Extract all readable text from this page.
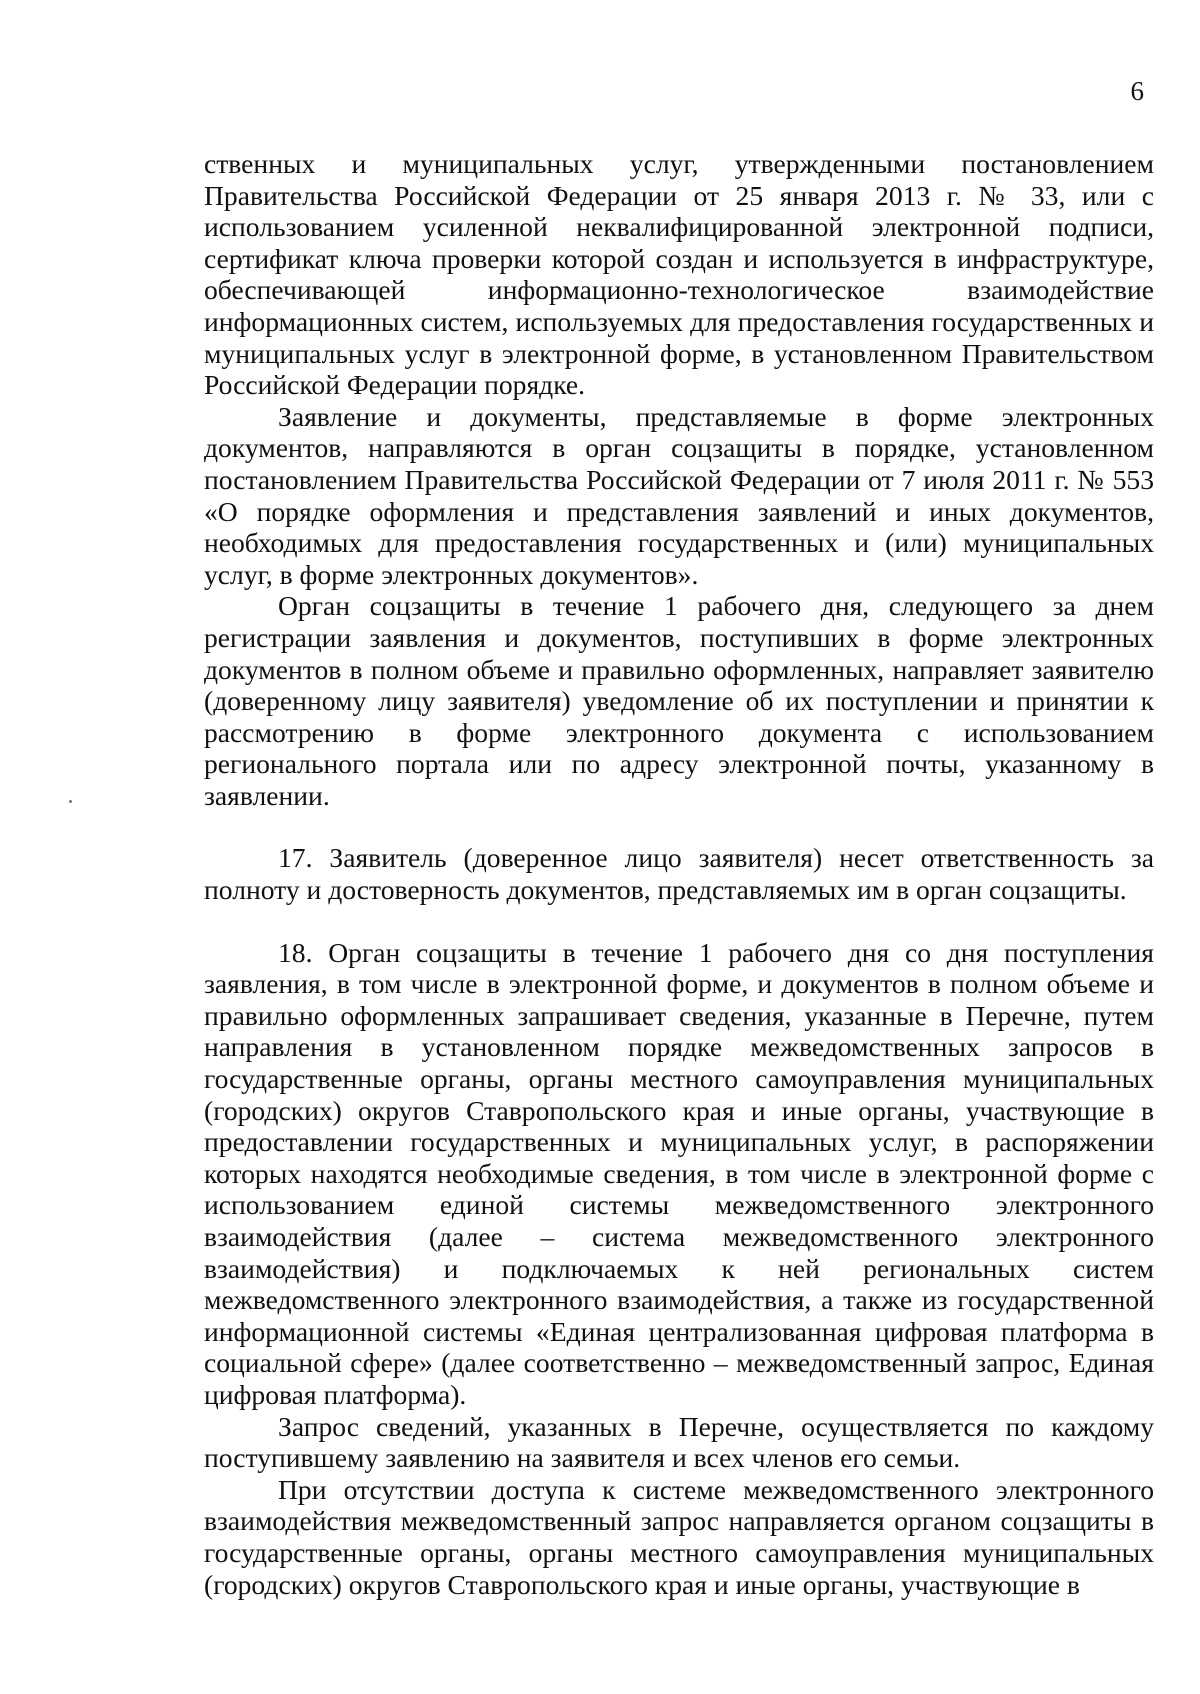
6

ственных и муниципальных услуг, утвержденными постановлением Правительства Российской Федерации от 25 января 2013 г. № 33, или с использованием усиленной неквалифицированной электронной подписи, сертификат ключа проверки которой создан и используется в инфраструктуре, обеспечивающей информационно-технологическое взаимодействие информационных систем, используемых для предоставления государственных и муниципальных услуг в электронной форме, в установленном Правительством Российской Федерации порядке.

Заявление и документы, представляемые в форме электронных документов, направляются в орган соцзащиты в порядке, установленном постановлением Правительства Российской Федерации от 7 июля 2011 г. № 553 «О порядке оформления и представления заявлений и иных документов, необходимых для предоставления государственных и (или) муниципальных услуг, в форме электронных документов».

Орган соцзащиты в течение 1 рабочего дня, следующего за днем регистрации заявления и документов, поступивших в форме электронных документов в полном объеме и правильно оформленных, направляет заявителю (доверенному лицу заявителя) уведомление об их поступлении и принятии к рассмотрению в форме электронного документа с использованием регионального портала или по адресу электронной почты, указанному в заявлении.

17. Заявитель (доверенное лицо заявителя) несет ответственность за полноту и достоверность документов, представляемых им в орган соцзащиты.

18. Орган соцзащиты в течение 1 рабочего дня со дня поступления заявления, в том числе в электронной форме, и документов в полном объеме и правильно оформленных запрашивает сведения, указанные в Перечне, путем направления в установленном порядке межведомственных запросов в государственные органы, органы местного самоуправления муниципальных (городских) округов Ставропольского края и иные органы, участвующие в предоставлении государственных и муниципальных услуг, в распоряжении которых находятся необходимые сведения, в том числе в электронной форме с использованием единой системы межведомственного электронного взаимодействия (далее – система межведомственного электронного взаимодействия) и подключаемых к ней региональных систем межведомственного электронного взаимодействия, а также из государственной информационной системы «Единая централизованная цифровая платформа в социальной сфере» (далее соответственно – межведомственный запрос, Единая цифровая платформа).

Запрос сведений, указанных в Перечне, осуществляется по каждому поступившему заявлению на заявителя и всех членов его семьи.

При отсутствии доступа к системе межведомственного электронного взаимодействия межведомственный запрос направляется органом соцзащиты в государственные органы, органы местного самоуправления муниципальных (городских) округов Ставропольского края и иные органы, участвующие в
